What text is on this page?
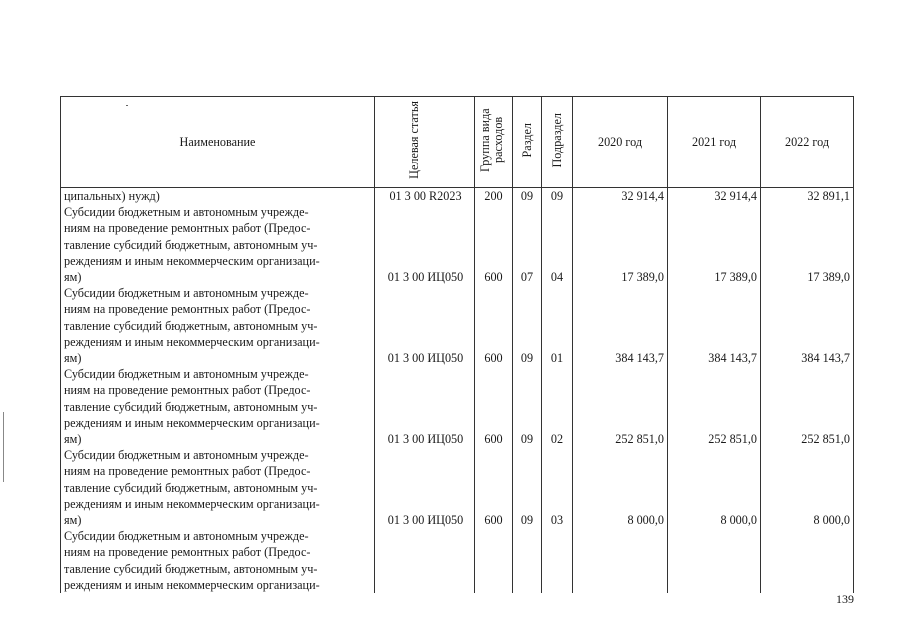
Наименование	Целевая статья	Группа вида расходов	Раздел	Подраздел	2020 год	2021 год	2022 год

ципальных) нужд)	01 3 00 R2023	200	09	09	32 914,4	32 914,4	32 891,1

Субсидии бюджетным и автономным учрежде-
ниям на проведение ремонтных работ (Предос-
тавление субсидий бюджетным, автономным уч-
реждениям и иным некоммерческим организаци-
ям)	01 3 00 ИЦ050	600	07	04	17 389,0	17 389,0	17 389,0

Субсидии бюджетным и автономным учрежде-
ниям на проведение ремонтных работ (Предос-
тавление субсидий бюджетным, автономным уч-
реждениям и иным некоммерческим организаци-
ям)	01 3 00 ИЦ050	600	09	01	384 143,7	384 143,7	384 143,7

Субсидии бюджетным и автономным учрежде-
ниям на проведение ремонтных работ (Предос-
тавление субсидий бюджетным, автономным уч-
реждениям и иным некоммерческим организаци-
ям)	01 3 00 ИЦ050	600	09	02	252 851,0	252 851,0	252 851,0

Субсидии бюджетным и автономным учрежде-
ниям на проведение ремонтных работ (Предос-
тавление субсидий бюджетным, автономным уч-
реждениям и иным некоммерческим организаци-
ям)	01 3 00 ИЦ050	600	09	03	8 000,0	8 000,0	8 000,0

Субсидии бюджетным и автономным учрежде-
ниям на проведение ремонтных работ (Предос-
тавление субсидий бюджетным, автономным уч-
реждениям и иным некоммерческим организаци-							

139
